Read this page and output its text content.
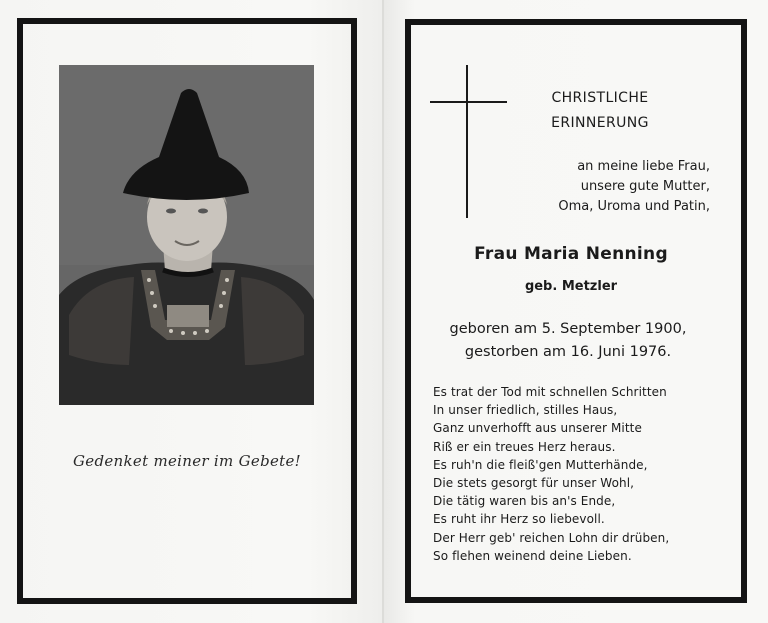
Gedenket meiner im Gebete!
CHRISTLICHE
ERINNERUNG
an meine liebe Frau,
unsere gute Mutter,
Oma, Uroma und Patin,
Frau Maria Nenning
geb. Metzler
geboren am 5. September 1900,
gestorben am 16. Juni 1976.
Es trat der Tod mit schnellen Schritten
In unser friedlich, stilles Haus,
Ganz unverhofft aus unserer Mitte
Riß er ein treues Herz heraus.
Es ruh'n die fleiß'gen Mutterhände,
Die stets gesorgt für unser Wohl,
Die tätig waren bis an's Ende,
Es ruht ihr Herz so liebevoll.
Der Herr geb' reichen Lohn dir drüben,
So flehen weinend deine Lieben.
